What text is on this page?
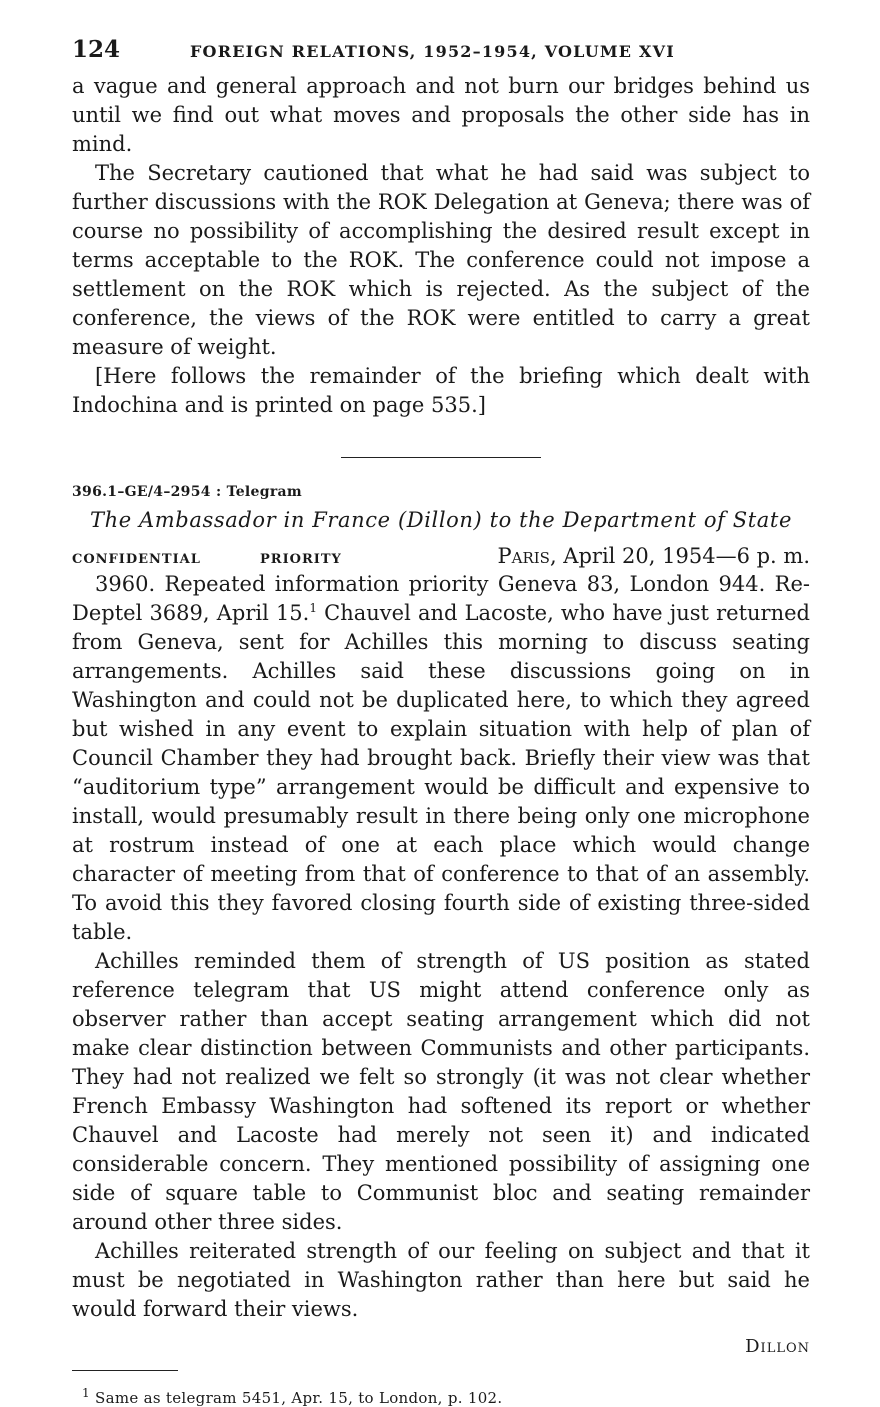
124	FOREIGN RELATIONS, 1952–1954, VOLUME XVI

a vague and general approach and not burn our bridges behind us until we find out what moves and proposals the other side has in mind.

The Secretary cautioned that what he had said was subject to further discussions with the ROK Delegation at Geneva; there was of course no possibility of accomplishing the desired result except in terms acceptable to the ROK. The conference could not impose a settlement on the ROK which is rejected. As the subject of the conference, the views of the ROK were entitled to carry a great measure of weight.

[Here follows the remainder of the briefing which dealt with Indochina and is printed on page 535.]

396.1–GE/4–2954 : Telegram
The Ambassador in France (Dillon) to the Department of State
CONFIDENTIAL	PRIORITY	Paris, April 20, 1954—6 p. m.

3960. Repeated information priority Geneva 83, London 944. Re-Deptel 3689, April 15.$^1$ Chauvel and Lacoste, who have just returned from Geneva, sent for Achilles this morning to discuss seating arrangements. Achilles said these discussions going on in Washington and could not be duplicated here, to which they agreed but wished in any event to explain situation with help of plan of Council Chamber they had brought back. Briefly their view was that “auditorium type” arrangement would be difficult and expensive to install, would presumably result in there being only one microphone at rostrum instead of one at each place which would change character of meeting from that of conference to that of an assembly. To avoid this they favored closing fourth side of existing three-sided table.

Achilles reminded them of strength of US position as stated reference telegram that US might attend conference only as observer rather than accept seating arrangement which did not make clear distinction between Communists and other participants. They had not realized we felt so strongly (it was not clear whether French Embassy Washington had softened its report or whether Chauvel and Lacoste had merely not seen it) and indicated considerable concern. They mentioned possibility of assigning one side of square table to Communist bloc and seating remainder around other three sides.

Achilles reiterated strength of our feeling on subject and that it must be negotiated in Washington rather than here but said he would forward their views.

Dillon
$^1$ Same as telegram 5451, Apr. 15, to London, p. 102.
